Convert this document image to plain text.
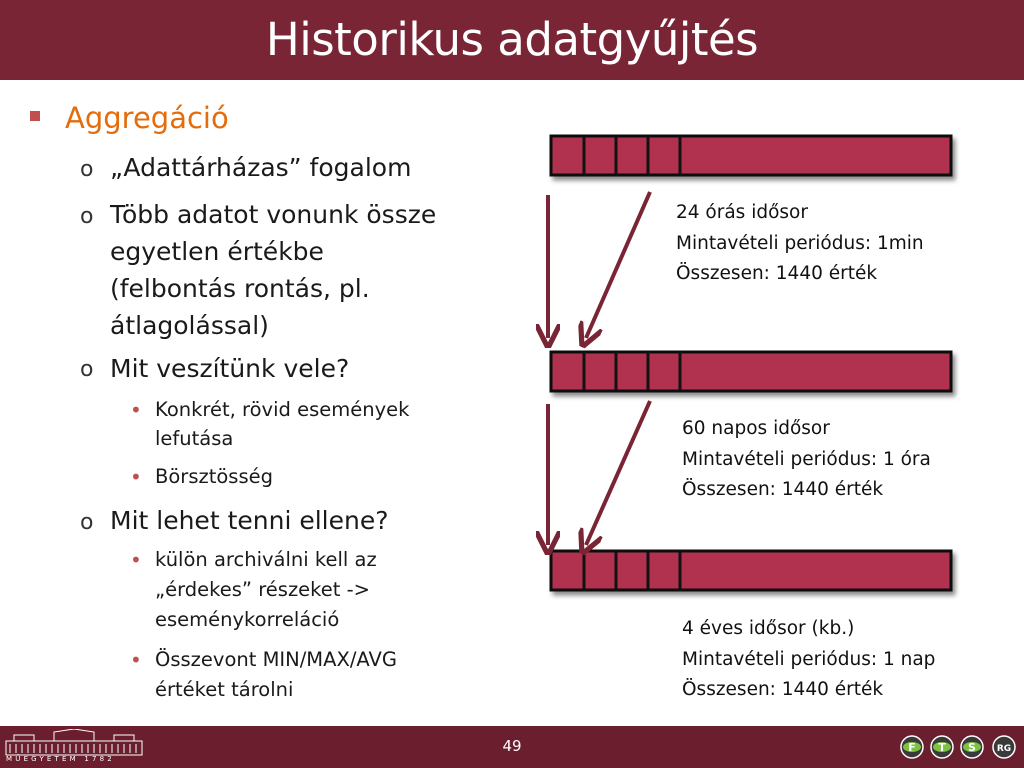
Historikus adatgyűjtés
Aggregáció
o „Adattárházas” fogalom
o Több adatot vonunk össze
egyetlen értékbe
(felbontás rontás, pl.
átlagolással)
o Mit veszítünk vele?
• Konkrét, rövid események
lefutása
• Börsztösség
o Mit lehet tenni ellene?
• külön archiválni kell az
„érdekes” részeket ->
eseménykorreláció
• Összevont MIN/MAX/AVG
értéket tárolni
24 órás idősor
Mintavételi periódus: 1min
Összesen: 1440 érték
60 napos idősor
Mintavételi periódus: 1 óra
Összesen: 1440 érték
4 éves idősor (kb.)
Mintavételi periódus: 1 nap
Összesen: 1440 érték
MŰEGYETEM 1782
49	F T S RG
